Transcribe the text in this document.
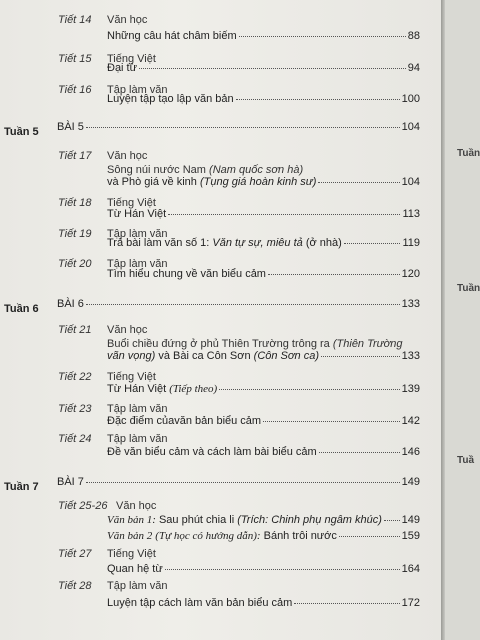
Tiết 14 Văn học
Những câu hát châm biếm	88
Tiết 15 Tiếng Việt
Đại từ	94
Tiết 16 Tập làm văn
Luyện tập tạo lập văn bản	100
Tuần 5 BÀI 5	104
Tiết 17 Văn học
Sông núi nước Nam (Nam quốc sơn hà)
và Phò giá về kinh
(Tụng giá hoàn kinh sư)	104
Tiết 18 Tiếng Việt
Từ Hán Việt	113
Tiết 19 Tập làm văn
Trả bài làm văn số 1:
Văn tự sự, miêu tả
(ở nhà)	119
Tiết 20 Tập làm văn
Tìm hiểu chung về văn biểu cảm	120
Tuần 6 BÀI 6	133
Tiết 21 Văn học
Buổi chiều đứng ở phủ Thiên Trường trông ra (Thiên Trường
vãn vọng)
và Bài ca Côn Sơn
(Côn Sơn ca)	133
Tiết 22 Tiếng Việt
Từ Hán Việt
(Tiếp theo)	139
Tiết 23 Tập làm văn
Đặc điểm củavăn bản biểu cảm	142
Tiết 24 Tập làm văn
Đề văn biểu cảm và cách làm bài biểu cảm	146
Tuần 7 BÀI 7	149
Tiết 25-26 Văn học
Văn bản 1:
Sau phút chia li
(Trích: Chinh phụ ngâm khúc) 149
Văn bản 2
(Tự học có hướng dẫn):
Bánh trôi nước	159
Tiết 27 Tiếng Việt
Quan hệ từ	164
Tiết 28 Tập làm văn
Luyện tập cách làm văn bản biểu cảm	172
Tuần
Tuần
Tuầ
